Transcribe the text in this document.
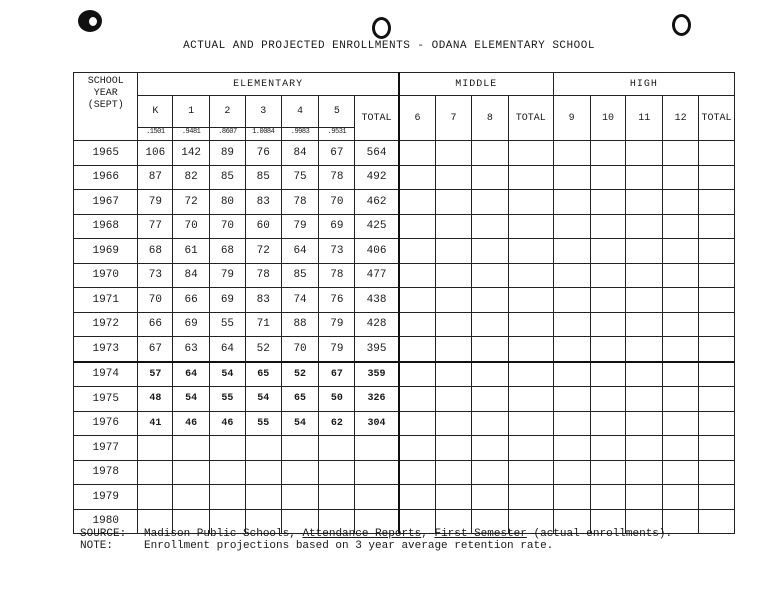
ACTUAL AND PROJECTED ENROLLMENTS - ODANA ELEMENTARY SCHOOL
SCHOOL YEAR (SEPT)	ELEMENTARY							MIDDLE				HIGH				
	K	1	2	3	4	5	TOTAL	6	7	8	TOTAL	9	10	11	12	TOTAL
	.1501	.9481	.8607	1.0084	.9983	.9531										
1965	106	142	89	76	84	67	564									
1966	87	82	85	85	75	78	492									
1967	79	72	80	83	78	70	462									
1968	77	70	70	60	79	69	425									
1969	68	61	68	72	64	73	406									
1970	73	84	79	78	85	78	477									
1971	70	66	69	83	74	76	438									
1972	66	69	55	71	88	79	428									
1973	67	63	64	52	70	79	395									
1974	57	64	54	65	52	67	359									
1975	48	54	55	54	65	50	326									
1976	41	46	46	55	54	62	304									
1977																
1978																
1979																
1980																
SOURCE:	Madison Public Schools, Attendance Reports, First Semester (actual enrollments).
NOTE:	Enrollment projections based on 3 year average retention rate.
